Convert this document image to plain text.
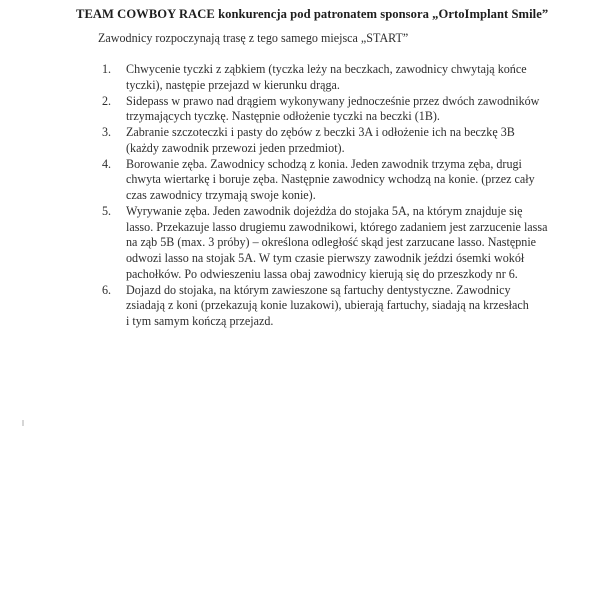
TEAM COWBOY RACE konkurencja pod patronatem sponsora „OrtoImplant Smile”
Zawodnicy rozpoczynają trasę z tego samego miejsca „START”
1. Chwycenie tyczki z ząbkiem (tyczka leży na beczkach, zawodnicy chwytają końce
tyczki), następie przejazd w kierunku drąga.
2. Sidepass w prawo nad drągiem wykonywany jednocześnie przez dwóch zawodników
trzymających tyczkę. Następnie odłożenie tyczki na beczki (1B).
3. Zabranie szczoteczki i pasty do zębów z beczki 3A i odłożenie ich na beczkę 3B
(każdy zawodnik przewozi jeden przedmiot).
4. Borowanie zęba. Zawodnicy schodzą z konia. Jeden zawodnik trzyma zęba, drugi
chwyta wiertarkę i boruje zęba. Następnie zawodnicy wchodzą na konie. (przez cały
czas zawodnicy trzymają swoje konie).
5. Wyrywanie zęba. Jeden zawodnik dojeżdża do stojaka 5A, na którym znajduje się
lasso. Przekazuje lasso drugiemu zawodnikowi, którego zadaniem jest zarzucenie lassa
na ząb 5B (max. 3 próby) – określona odległość skąd jest zarzucane lasso. Następnie
odwozi lasso na stojak 5A. W tym czasie pierwszy zawodnik jeździ ósemki wokół
pachołków. Po odwieszeniu lassa obaj zawodnicy kierują się do przeszkody nr 6.
6. Dojazd do stojaka, na którym zawieszone są fartuchy dentystyczne. Zawodnicy
zsiadają z koni (przekazują konie luzakowi), ubierają fartuchy, siadają na krzesłach
i tym samym kończą przejazd.
